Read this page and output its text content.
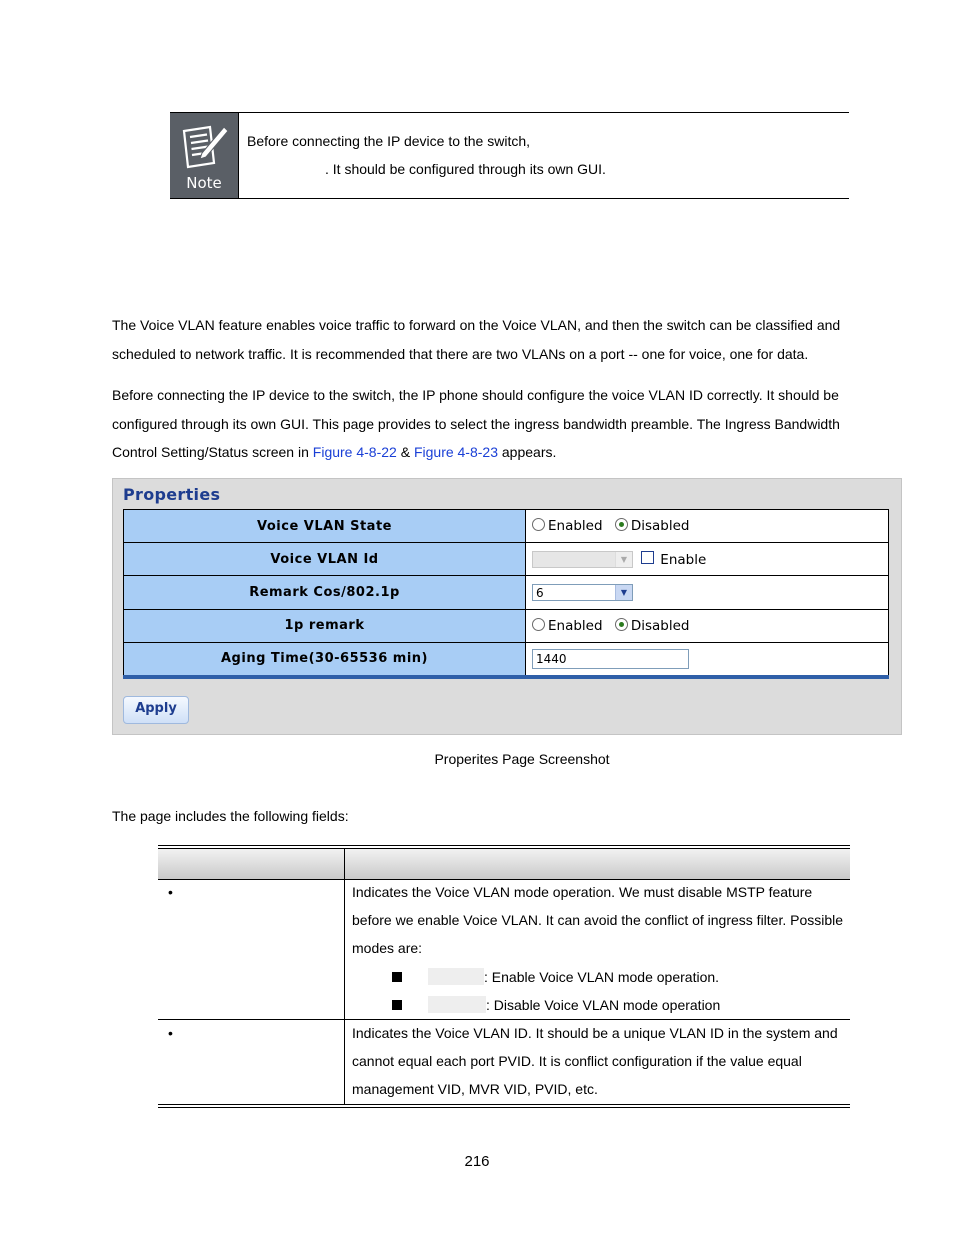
Note
Before connecting the IP device to the switch,
. It should be configured through its own GUI.

The Voice VLAN feature enables voice traffic to forward on the Voice VLAN, and then the switch can be classified and scheduled to network traffic. It is recommended that there are two VLANs on a port -- one for voice, one for data.

Before connecting the IP device to the switch, the IP phone should configure the voice VLAN ID correctly. It should be configured through its own GUI. This page provides to select the ingress bandwidth preamble. The Ingress Bandwidth Control Setting/Status screen in Figure 4-8-22 & Figure 4-8-23 appears.

Properties
Voice VLAN State	Enabled Disabled
Voice VLAN Id	▼ Enable
Remark Cos/802.1p	6 ▼

1p remark	Enabled Disabled
Aging Time(30-65536 min)	1440
Apply
Properites Page Screenshot
The page includes the following fields:
•	Indicates the Voice VLAN mode operation. We must disable MSTP feature before we enable Voice VLAN. It can avoid the conflict of ingress filter. Possible modes are:

: Enable Voice VLAN mode operation.
: Disable Voice VLAN mode operation
•	Indicates the Voice VLAN ID. It should be a unique VLAN ID in the system and cannot equal each port PVID. It is conflict configuration if the value equal management VID, MVR VID, PVID, etc.

216
